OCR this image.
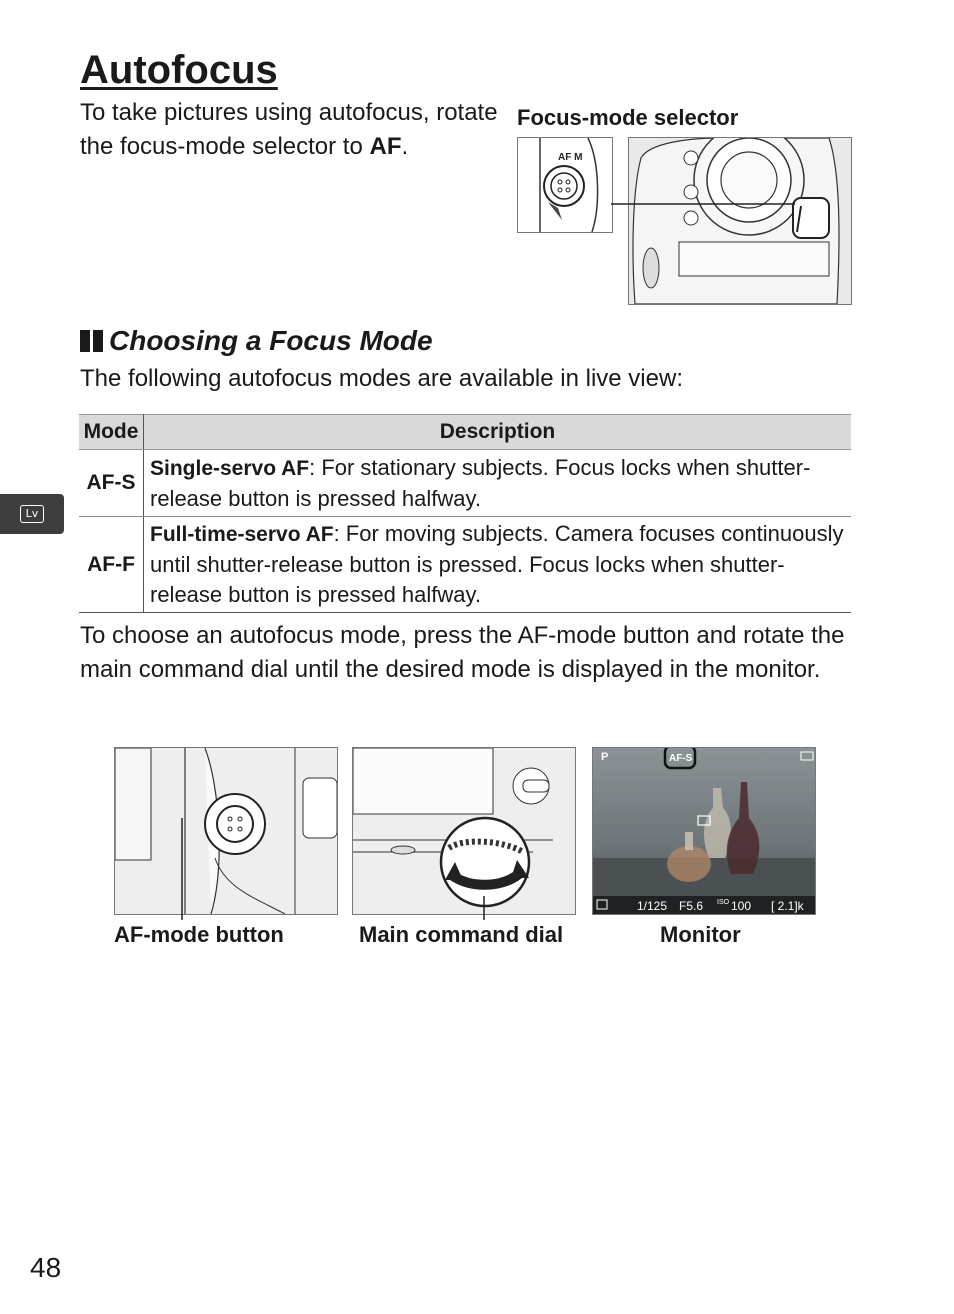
Autofocus
To take pictures using autofocus, rotate the focus-mode selector to AF.
Focus-mode selector
AF M
Choosing a Focus Mode
The following autofocus modes are available in live view:
Mode	Description
AF-S	Single-servo AF: For stationary subjects. Focus locks when shutter-release button is pressed halfway.
AF-F	Full-time-servo AF: For moving subjects. Camera focuses continuously until shutter-release button is pressed. Focus locks when shutter-release button is pressed halfway.
To choose an autofocus mode, press the AF-mode button and rotate the main command dial until the desired mode is displayed in the monitor.
P	AF-S
1/125 F5.6 ISO 100 [ 2.1]k
AF-mode button	Main command dial	Monitor
Lv
48
